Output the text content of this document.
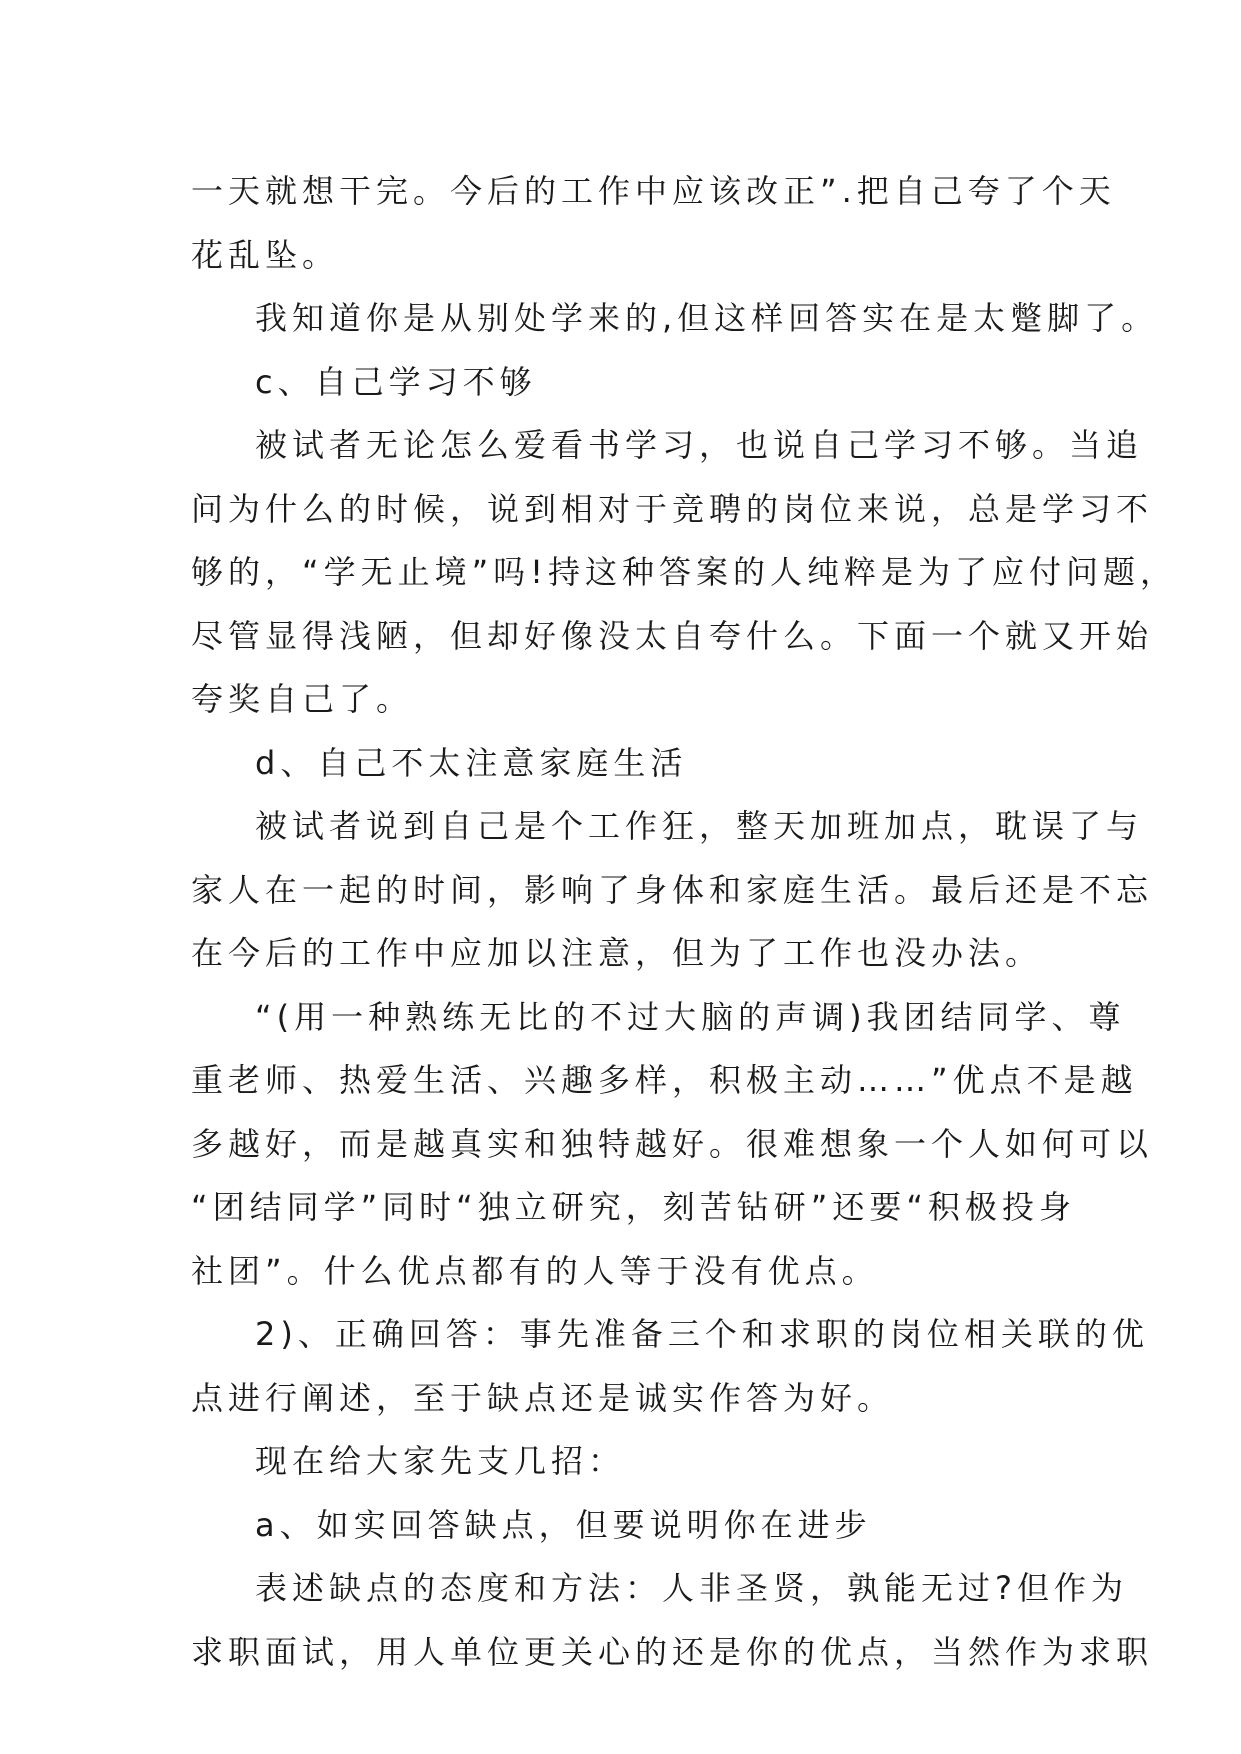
一天就想干完。今后的工作中应该改正”.把自己夸了个天
花乱坠。
我知道你是从别处学来的,但这样回答实在是太蹩脚了。
c、自己学习不够
被试者无论怎么爱看书学习，也说自己学习不够。当追
问为什么的时候，说到相对于竞聘的岗位来说，总是学习不
够的，“学无止境”吗!持这种答案的人纯粹是为了应付问题，
尽管显得浅陋，但却好像没太自夸什么。下面一个就又开始
夸奖自己了。
d、自己不太注意家庭生活
被试者说到自己是个工作狂，整天加班加点，耽误了与
家人在一起的时间，影响了身体和家庭生活。最后还是不忘
在今后的工作中应加以注意，但为了工作也没办法。
“(用一种熟练无比的不过大脑的声调)我团结同学、尊
重老师、热爱生活、兴趣多样，积极主动……”优点不是越
多越好，而是越真实和独特越好。很难想象一个人如何可以
“团结同学”同时“独立研究，刻苦钻研”还要“积极投身
社团”。什么优点都有的人等于没有优点。
2)、正确回答：事先准备三个和求职的岗位相关联的优
点进行阐述，至于缺点还是诚实作答为好。
现在给大家先支几招：
a、如实回答缺点，但要说明你在进步
表述缺点的态度和方法：人非圣贤，孰能无过?但作为
求职面试，用人单位更关心的还是你的优点，当然作为求职
